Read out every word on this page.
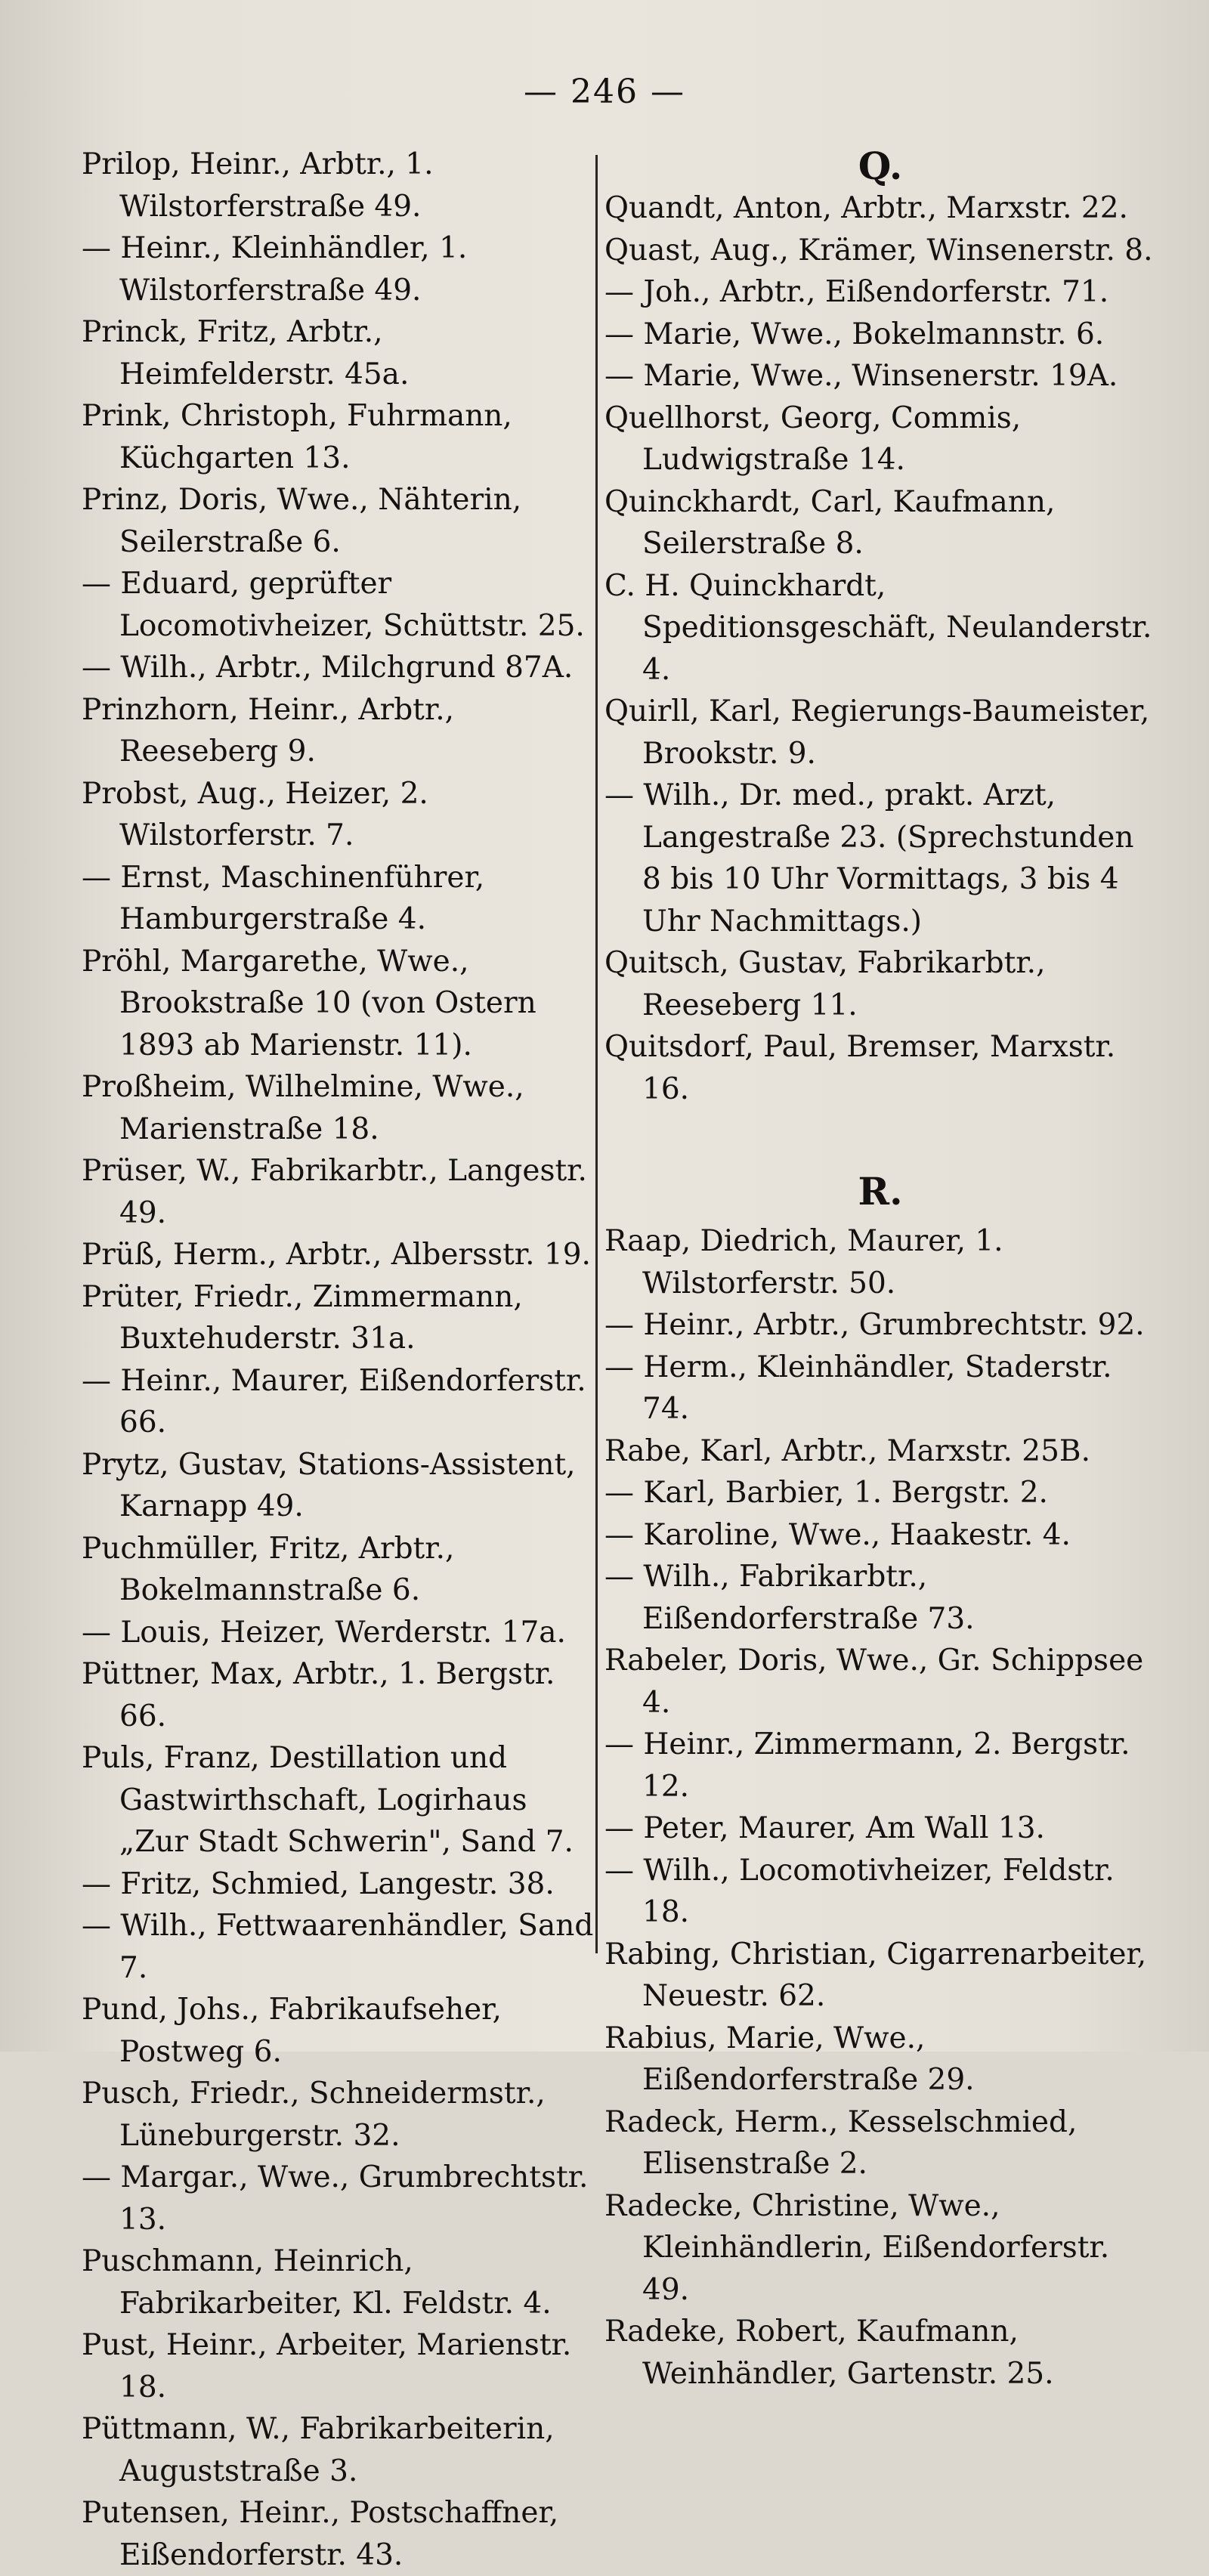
— 246 —

Prilop, Heinr., Arbtr., 1. Wilstorferstraße 49.

— Heinr., Kleinhändler, 1. Wilstorferstraße 49.

Princk, Fritz, Arbtr., Heimfelderstr. 45a.

Prink, Christoph, Fuhrmann, Küchgarten 13.

Prinz, Doris, Wwe., Nähterin, Seilerstraße 6.

— Eduard, geprüfter Locomotivheizer, Schüttstr. 25.

— Wilh., Arbtr., Milchgrund 87A.

Prinzhorn, Heinr., Arbtr., Reeseberg 9.

Probst, Aug., Heizer, 2. Wilstorferstr. 7.

— Ernst, Maschinenführer, Hamburgerstraße 4.

Pröhl, Margarethe, Wwe., Brookstraße 10 (von Ostern 1893 ab Marienstr. 11).

Proßheim, Wilhelmine, Wwe., Marienstraße 18.

Prüser, W., Fabrikarbtr., Langestr. 49.

Prüß, Herm., Arbtr., Albersstr. 19.

Prüter, Friedr., Zimmermann, Buxtehuderstr. 31a.

— Heinr., Maurer, Eißendorferstr. 66.

Prytz, Gustav, Stations-Assistent, Karnapp 49.

Puchmüller, Fritz, Arbtr., Bokelmannstraße 6.

— Louis, Heizer, Werderstr. 17a.

Püttner, Max, Arbtr., 1. Bergstr. 66.

Puls, Franz, Destillation und Gastwirthschaft, Logirhaus „Zur Stadt Schwerin", Sand 7.

— Fritz, Schmied, Langestr. 38.

— Wilh., Fettwaarenhändler, Sand 7.

Pund, Johs., Fabrikaufseher, Postweg 6.

Pusch, Friedr., Schneidermstr., Lüneburgerstr. 32.

— Margar., Wwe., Grumbrechtstr. 13.

Puschmann, Heinrich, Fabrikarbeiter, Kl. Feldstr. 4.

Pust, Heinr., Arbeiter, Marienstr. 18.

Püttmann, W., Fabrikarbeiterin, Auguststraße 3.

Putensen, Heinr., Postschaffner, Eißendorferstr. 43.

Q.

Quandt, Anton, Arbtr., Marxstr. 22.

Quast, Aug., Krämer, Winsenerstr. 8.

— Joh., Arbtr., Eißendorferstr. 71.

— Marie, Wwe., Bokelmannstr. 6.

— Marie, Wwe., Winsenerstr. 19A.

Quellhorst, Georg, Commis, Ludwigstraße 14.

Quinckhardt, Carl, Kaufmann, Seilerstraße 8.

C. H. Quinckhardt, Speditionsgeschäft, Neulanderstr. 4.

Quirll, Karl, Regierungs-Baumeister, Brookstr. 9.

— Wilh., Dr. med., prakt. Arzt, Langestraße 23. (Sprechstunden 8 bis 10 Uhr Vormittags, 3 bis 4 Uhr Nachmittags.)

Quitsch, Gustav, Fabrikarbtr., Reeseberg 11.

Quitsdorf, Paul, Bremser, Marxstr. 16.

R.

Raap, Diedrich, Maurer, 1. Wilstorferstr. 50.

— Heinr., Arbtr., Grumbrechtstr. 92.

— Herm., Kleinhändler, Staderstr. 74.

Rabe, Karl, Arbtr., Marxstr. 25B.

— Karl, Barbier, 1. Bergstr. 2.

— Karoline, Wwe., Haakestr. 4.

— Wilh., Fabrikarbtr., Eißendorferstraße 73.

Rabeler, Doris, Wwe., Gr. Schippsee 4.

— Heinr., Zimmermann, 2. Bergstr. 12.

— Peter, Maurer, Am Wall 13.

— Wilh., Locomotivheizer, Feldstr. 18.

Rabing, Christian, Cigarrenarbeiter, Neuestr. 62.

Rabius, Marie, Wwe., Eißendorferstraße 29.

Radeck, Herm., Kesselschmied, Elisenstraße 2.

Radecke, Christine, Wwe., Kleinhändlerin, Eißendorferstr. 49.

Radeke, Robert, Kaufmann, Weinhändler, Gartenstr. 25.
